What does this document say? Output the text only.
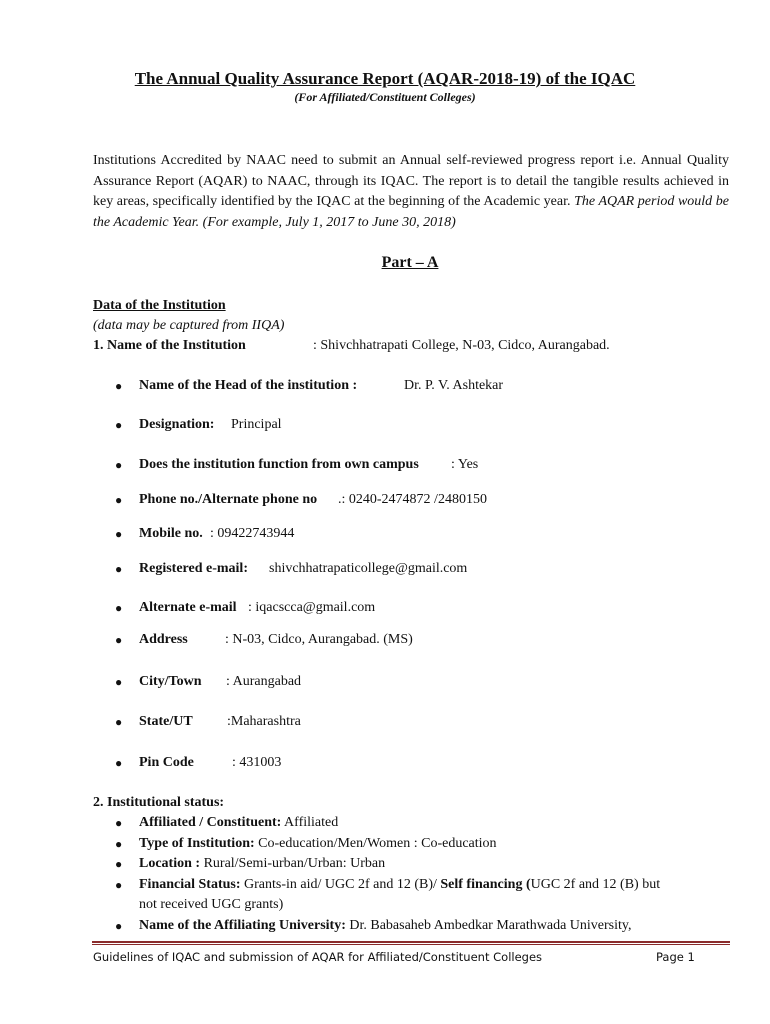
The Annual Quality Assurance Report (AQAR-2018-19) of the IQAC
(For Affiliated/Constituent Colleges)
Institutions Accredited by NAAC need to submit an Annual self-reviewed progress report i.e. Annual Quality Assurance Report (AQAR) to NAAC, through its IQAC. The report is to detail the tangible results achieved in key areas, specifically identified by the IQAC at the beginning of the Academic year. The AQAR period would be the Academic Year. (For example, July 1, 2017 to June 30, 2018)
Part – A
Data of the Institution
(data may be captured from IIQA)
1. Name of the Institution	: Shivchhatrapati College, N-03, Cidco, Aurangabad.
● Name of the Head of the institution :	Dr. P. V. Ashtekar
● Designation: Principal
● Does the institution function from own campus : Yes
● Phone no./Alternate phone no .: 0240-2474872 /2480150
● Mobile no. : 09422743944
● Registered e-mail: shivchhatrapaticollege@gmail.com
● Alternate e-mail : iqacscca@gmail.com
● Address	: N-03, Cidco, Aurangabad. (MS)
● City/Town : Aurangabad
● State/UT :Maharashtra
● Pin Code	: 431003
2. Institutional status:
● Affiliated / Constituent: Affiliated
● Type of Institution: Co-education/Men/Women : Co-education
● Location : Rural/Semi-urban/Urban: Urban
● Financial Status: Grants-in aid/ UGC 2f and 12 (B)/ Self financing (UGC 2f and 12 (B) but
not received UGC grants)
● Name of the Affiliating University: Dr. Babasaheb Ambedkar Marathwada University,
Guidelines of IQAC and submission of AQAR for Affiliated/Constituent Colleges	Page 1
